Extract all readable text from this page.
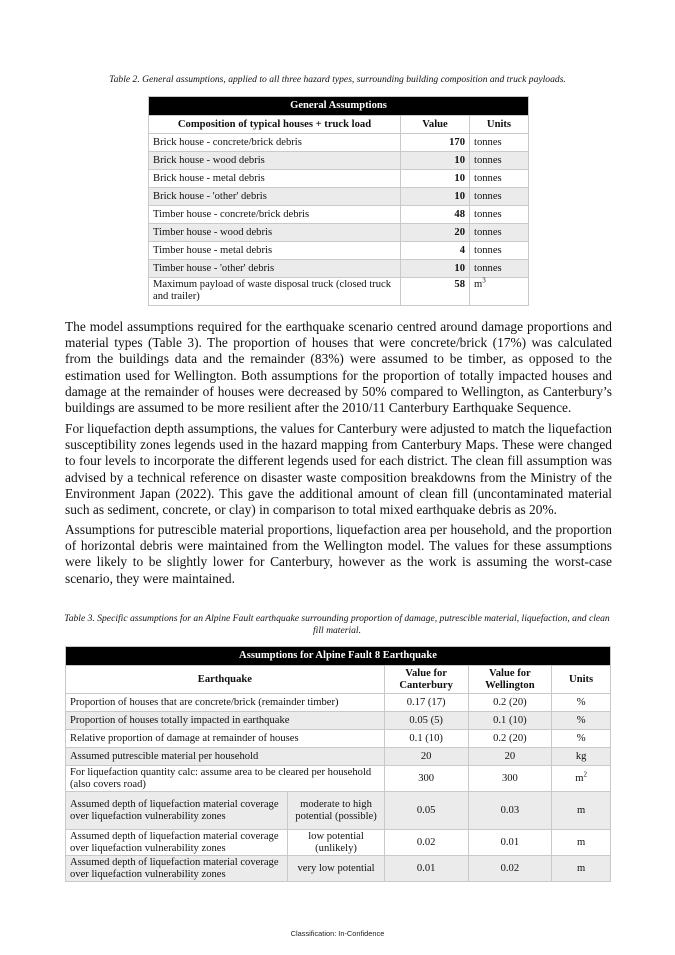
Table 2. General assumptions, applied to all three hazard types, surrounding building composition and truck payloads.
General Assumptions		
Composition of typical houses + truck load	Value	Units
Brick house - concrete/brick debris	170	tonnes
Brick house - wood debris	10	tonnes
Brick house - metal debris	10	tonnes
Brick house - 'other' debris	10	tonnes
Timber house - concrete/brick debris	48	tonnes
Timber house - wood debris	20	tonnes
Timber house - metal debris	4	tonnes
Timber house - 'other' debris	10	tonnes
Maximum payload of waste disposal truck (closed truck and trailer)	58	$m^3$

The model assumptions required for the earthquake scenario centred around damage proportions and material types (Table 3). The proportion of houses that were concrete/brick (17%) was calculated from the buildings data and the remainder (83%) were assumed to be timber, as opposed to the estimation used for Wellington. Both assumptions for the proportion of totally impacted houses and damage at the remainder of houses were decreased by 50% compared to Wellington, as Canterbury’s buildings are assumed to be more resilient after the 2010/11 Canterbury Earthquake Sequence.

For liquefaction depth assumptions, the values for Canterbury were adjusted to match the liquefaction susceptibility zones legends used in the hazard mapping from Canterbury Maps. These were changed to four levels to incorporate the different legends used for each district. The clean fill assumption was advised by a technical reference on disaster waste composition breakdowns from the Ministry of the Environment Japan (2022). This gave the additional amount of clean fill (uncontaminated material such as sediment, concrete, or clay) in comparison to total mixed earthquake debris as 20%.

Assumptions for putrescible material proportions, liquefaction area per household, and the proportion of horizontal debris were maintained from the Wellington model. The values for these assumptions were likely to be slightly lower for Canterbury, however as the work is assuming the worst-case scenario, they were maintained.

Table 3. Specific assumptions for an Alpine Fault earthquake surrounding proportion of damage, putrescible material, liquefaction, and clean fill material.
Assumptions for Alpine Fault 8 Earthquake				
Earthquake		Value for Canterbury	Value for Wellington	Units
Proportion of houses that are concrete/brick (remainder timber)		0.17 (17)	0.2 (20)	%
Proportion of houses totally impacted in earthquake		0.05 (5)	0.1 (10)	%
Relative proportion of damage at remainder of houses		0.1 (10)	0.2 (20)	%
Assumed putrescible material per household		20	20	kg
For liquefaction quantity calc: assume area to be cleared per household (also covers road)		300	300	$m^2$
Assumed depth of liquefaction material coverage over liquefaction vulnerability zones	moderate to high potential (possible)	0.05	0.03	m
Assumed depth of liquefaction material coverage over liquefaction vulnerability zones	low potential (unlikely)	0.02	0.01	m
Assumed depth of liquefaction material coverage over liquefaction vulnerability zones	very low potential	0.01	0.02	m
Classification: In-Confidence
